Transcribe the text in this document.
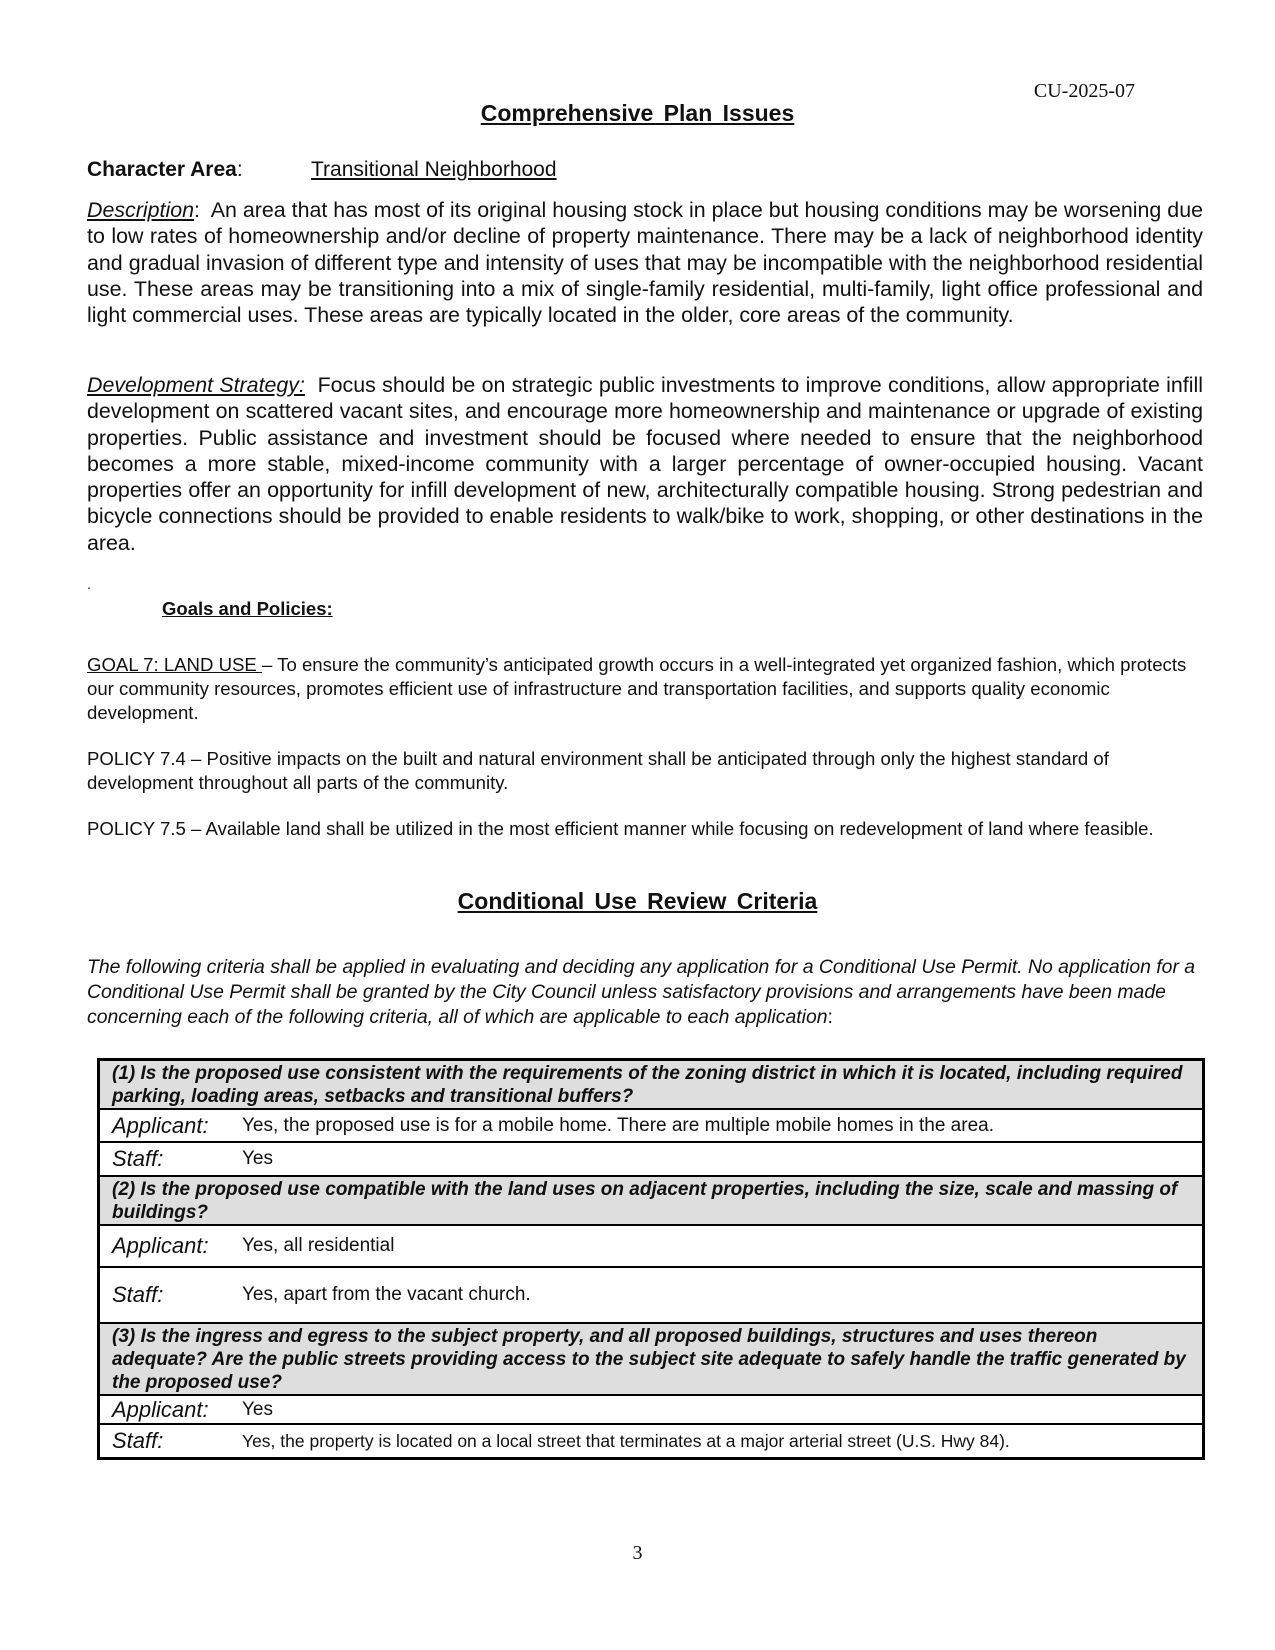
CU-2025-07
Comprehensive Plan Issues
Character Area:	Transitional Neighborhood
Description:  An area that has most of its original housing stock in place but housing conditions may be worsening due to low rates of homeownership and/or decline of property maintenance. There may be a lack of neighborhood identity and gradual invasion of different type and intensity of uses that may be incompatible with the neighborhood residential use. These areas may be transitioning into a mix of single-family residential, multi-family, light office professional and light commercial uses. These areas are typically located in the older, core areas of the community.
Development Strategy: Focus should be on strategic public investments to improve conditions, allow appropriate infill development on scattered vacant sites, and encourage more homeownership and maintenance or upgrade of existing properties. Public assistance and investment should be focused where needed to ensure that the neighborhood becomes a more stable, mixed-income community with a larger percentage of owner-occupied housing. Vacant properties offer an opportunity for infill development of new, architecturally compatible housing. Strong pedestrian and bicycle connections should be provided to enable residents to walk/bike to work, shopping, or other destinations in the area.
.
Goals and Policies:
GOAL 7: LAND USE – To ensure the community’s anticipated growth occurs in a well-integrated yet organized fashion, which protects our community resources, promotes efficient use of infrastructure and transportation facilities, and supports quality economic development.
POLICY 7.4 – Positive impacts on the built and natural environment shall be anticipated through only the highest standard of development throughout all parts of the community.
POLICY 7.5 – Available land shall be utilized in the most efficient manner while focusing on redevelopment of land where feasible.
Conditional Use Review Criteria
The following criteria shall be applied in evaluating and deciding any application for a Conditional Use Permit. No application for a Conditional Use Permit shall be granted by the City Council unless satisfactory provisions and arrangements have been made concerning each of the following criteria, all of which are applicable to each application:
(1) Is the proposed use consistent with the requirements of the zoning district in which it is located, including required parking, loading areas, setbacks and transitional buffers?

Applicant:	Yes, the proposed use is for a mobile home. There are multiple mobile homes in the area.

Staff:	Yes

(2) Is the proposed use compatible with the land uses on adjacent properties, including the size, scale and massing of buildings?

Applicant:	Yes, all residential

Staff:	Yes, apart from the vacant church.

(3) Is the ingress and egress to the subject property, and all proposed buildings, structures and uses thereon adequate? Are the public streets providing access to the subject site adequate to safely handle the traffic generated by the proposed use?

Applicant:	Yes

Staff:	Yes, the property is located on a local street that terminates at a major arterial street (U.S. Hwy 84).
3
